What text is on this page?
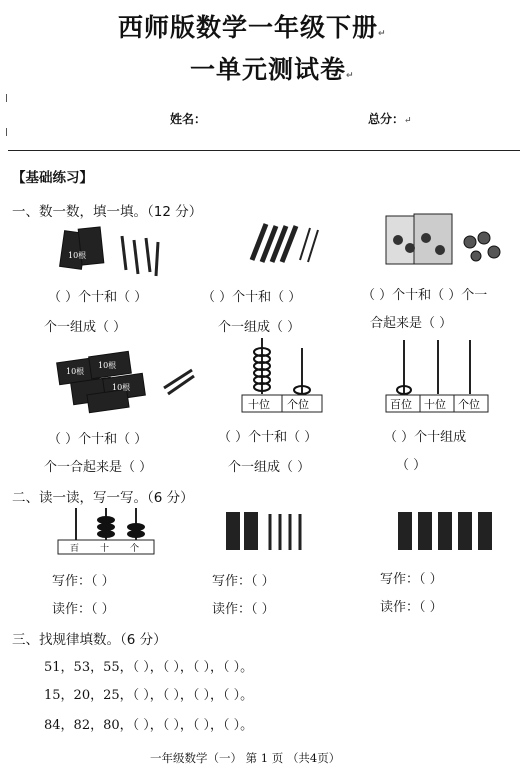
西师版数学一年级下册↵
一单元测试卷↵
姓名：	总分：↵
【基础练习】
一、数一数，填一填。（12 分）
10根
（ ）个十和（ ）
个一组成（ ）
（ ）个十和（ ）
个一组成（ ）
（ ）个十和（ ）个一
合起来是（ ）
10根
10根
10根
十位 个位	百位 十位 个位
（ ）个十和（ ）
个一合起来是（ ）
（ ）个十和（ ）
个一组成（ ）
（ ）个十组成
（ ）
二、读一读，写一写。（6 分）
百 十 个
写作：（ ）
读作：（ ）
写作：（ ）
读作：（ ）
写作：（ ）
读作：（ ）
三、找规律填数。（6 分）
51，53，55，（ ），（ ），（ ），（ ）。
15，20，25，（ ），（ ），（ ），（ ）。
84，82，80，（ ），（ ），（ ），（ ）。
一年级数学（一） 第 1 页 （共4页）
